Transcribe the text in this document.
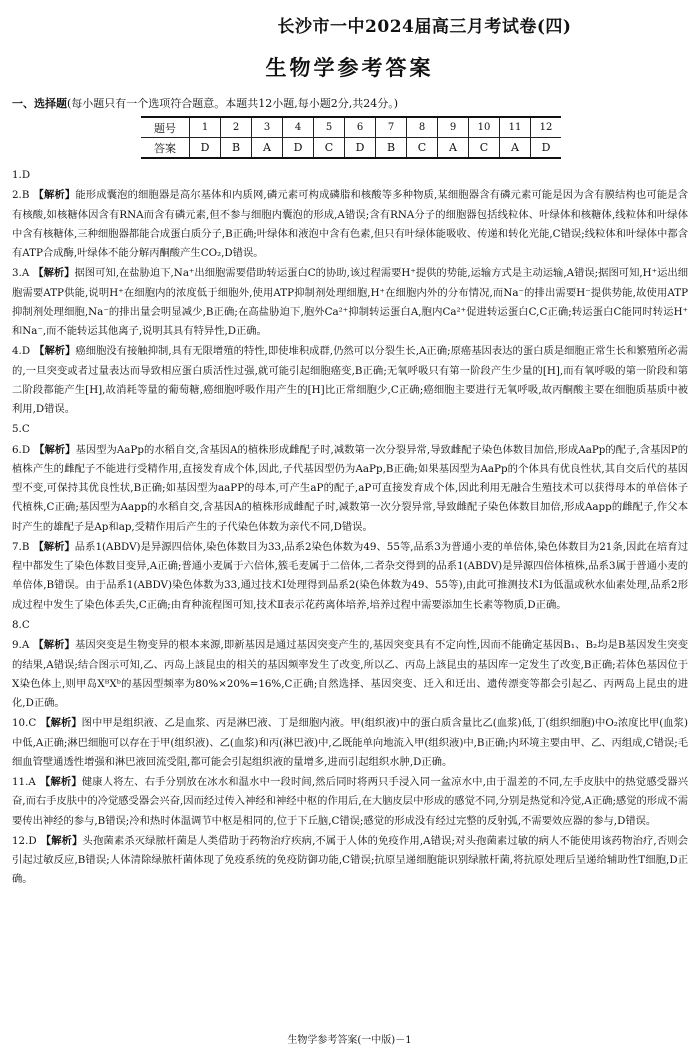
长沙市一中2024届高三月考试卷(四)
生物学参考答案
一、选择题(每小题只有一个选项符合题意。本题共12小题,每小题2分,共24分。)
题号	1	2	3	4	5	6	7	8	9	10	11	12
答案	D	B	A	D	C	D	B	C	A	C	A	D

1.D

2.B 【解析】能形成囊泡的细胞器是高尔基体和内质网,磷元素可构成磷脂和核酸等多种物质,某细胞器含有磷元素可能是因为含有膜结构也可能是含有核酸,如核糖体因含有RNA而含有磷元素,但不参与细胞内囊泡的形成,A错误;含有RNA分子的细胞器包括线粒体、叶绿体和核糖体,线粒体和叶绿体中含有核糖体,三种细胞器都能合成蛋白质分子,B正确;叶绿体和液泡中含有色素,但只有叶绿体能吸收、传递和转化光能,C错误;线粒体和叶绿体中都含有ATP合成酶,叶绿体不能分解丙酮酸产生CO₂,D错误。

3.A 【解析】据图可知,在盐胁迫下,Na⁺出细胞需要借助转运蛋白C的协助,该过程需要H⁺提供的势能,运输方式是主动运输,A错误;据图可知,H⁺运出细胞需要ATP供能,说明H⁺在细胞内的浓度低于细胞外,使用ATP抑制剂处理细胞,H⁺在细胞内外的分布情况,而Na⁻的排出需要H⁻提供势能,故使用ATP抑制剂处理细胞,Na⁻的排出量会明显减少,B正确;在高盐胁迫下,胞外Ca²⁺抑制转运蛋白A,胞内Ca²⁺促进转运蛋白C,C正确;转运蛋白C能同时转运H⁺和Na⁻,而不能转运其他离子,说明其具有特异性,D正确。

4.D 【解析】癌细胞没有接触抑制,具有无限增殖的特性,即使堆积成群,仍然可以分裂生长,A正确;原癌基因表达的蛋白质是细胞正常生长和繁殖所必需的,一旦突变或者过量表达而导致相应蛋白质活性过强,就可能引起细胞癌变,B正确;无氧呼吸只有第一阶段产生少量的[H],而有氧呼吸的第一阶段和第二阶段都能产生[H],故消耗等量的葡萄糖,癌细胞呼吸作用产生的[H]比正常细胞少,C正确;癌细胞主要进行无氧呼吸,故丙酮酸主要在细胞质基质中被利用,D错误。

5.C

6.D 【解析】基因型为AaPp的水稻自交,含基因A的植株形成雌配子时,减数第一次分裂异常,导致雌配子染色体数目加倍,形成AaPp的配子,含基因P的植株产生的雌配子不能进行受精作用,直接发育成个体,因此,子代基因型仍为AaPp,B正确;如果基因型为AaPp的个体具有优良性状,其自交后代的基因型不变,可保持其优良性状,B正确;如基因型为aaPP的母本,可产生aP的配子,aP可直接发育成个体,因此利用无融合生殖技术可以获得母本的单倍体子代植株,C正确;基因型为Aapp的水稻自交,含基因A的植株形成雌配子时,减数第一次分裂异常,导致雌配子染色体数目加倍,形成Aapp的雌配子,作父本时产生的雄配子是Ap和ap,受精作用后产生的子代染色体数为亲代不同,D错误。

7.B 【解析】品系1(ABDV)是异源四倍体,染色体数目为33,品系2染色体数为49、55等,品系3为普通小麦的单倍体,染色体数目为21条,因此在培育过程中都发生了染色体数目变异,A正确;普通小麦属于六倍体,簇毛麦属于二倍体,二者杂交得到的品系1(ABDV)是异源四倍体植株,品系3属于普通小麦的单倍体,B错误。由于品系1(ABDV)染色体数为33,通过技术Ⅰ处理得到品系2(染色体数为49、55等),由此可推测技术Ⅰ为低温或秋水仙素处理,品系2形成过程中发生了染色体丢失,C正确;由育种流程图可知,技术Ⅱ表示花药离体培养,培养过程中需要添加生长素等物质,D正确。

8.C

9.A 【解析】基因突变是生物变异的根本来源,即新基因是通过基因突变产生的,基因突变具有不定向性,因而不能确定基因B₁、B₂均是B基因发生突变的结果,A错误;结合图示可知,乙、丙岛上該昆虫的相关的基因频率发生了改变,所以乙、丙岛上該昆虫的基因库一定发生了改变,B正确;若体色基因位于X染色体上,则甲岛XᴮXᵇ的基因型频率为80%×20%=16%,C正确;自然选择、基因突变、迁入和迁出、遗传漂变等都会引起乙、丙两岛上昆虫的进化,D正确。

10.C 【解析】图中甲是组织液、乙是血浆、丙是淋巴液、丁是细胞内液。甲(组织液)中的蛋白质含量比乙(血浆)低,丁(组织细胞)中O₂浓度比甲(血浆)中低,A正确;淋巴细胞可以存在于甲(组织液)、乙(血浆)和丙(淋巴液)中,乙既能单向地流入甲(组织液)中,B正确;内环境主要由甲、乙、丙组成,C错误;毛细血管壁通透性增强和淋巴液回流受阻,都可能会引起组织液的量增多,进而引起组织水肿,D正确。

11.A 【解析】健康人将左、右手分别放在冰水和温水中一段时间,然后同时将两只手浸入同一盆凉水中,由于温差的不同,左手皮肤中的热觉感受器兴奋,而右手皮肤中的冷觉感受器会兴奋,因而经过传入神经和神经中枢的作用后,在大脑皮层中形成的感觉不同,分别是热觉和冷觉,A正确;感觉的形成不需要传出神经的参与,B错误;冷和热时体温调节中枢是相同的,位于下丘脑,C错误;感觉的形成没有经过完整的反射弧,不需要效应器的参与,D错误。

12.D 【解析】头孢菌素杀灭绿脓杆菌是人类借助于药物治疗疾病,不属于人体的免疫作用,A错误;对头孢菌素过敏的病人不能使用该药物治疗,否则会引起过敏反应,B错误;人体清除绿脓杆菌体现了免疫系统的免疫防御功能,C错误;抗原呈递细胞能识别绿脓杆菌,将抗原处理后呈递给辅助性T细胞,D正确。

生物学参考答案(一中版)－1
